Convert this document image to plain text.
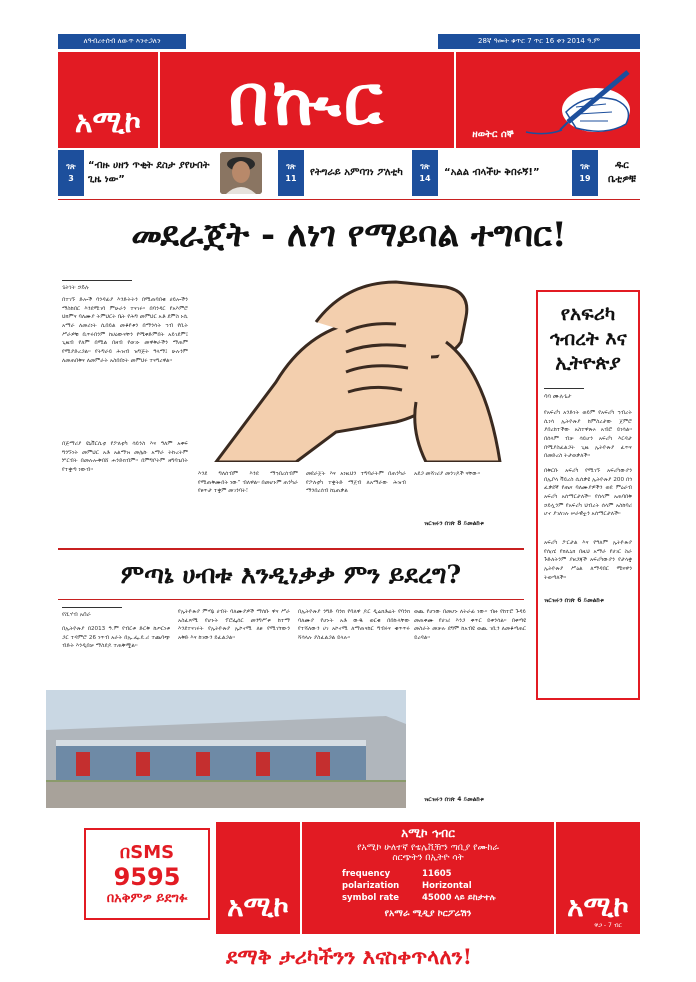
ለዓብረተሰብ ለውጥ እንተጋለን	28ኛ ዓመት ቁጥር 7 ጥር 16 ቀን 2014 ዓ.ም
አሚኮ በኲር	ዘወትር ሰኞ
ገጽ
3
“ብዙ ሀዘን ጥቂት ደስታ ያየሁበት ጊዜ ነው”
ገጽ
11
የትግራይ አምባገነ ፖለቲካ
ገጽ
14
“አልል ብላችሁ ቅበሩኝ!”
ገጽ
19
ዱር ቤቲዎቹ
መደራጀት - ለነገ የማይባል ተግባር!
ጌትነት ኃይሉ
በተገኙ ድሎች ባንዳፊያ እንድትትን በሚጠባበቁ ሀይሎችን ማስከበር እንደሚገባ ምሁራን ተናገሩ። በባንዳር የአእምሮ ህክምና ባለሙያ ትምህርት ቤት የሕግ መምህር አቶ ደምስ ኑሲ አማራ ለመሪነት ሲበይል መቆየቱን በማንሳት ኀብ የቢት ሥራዎቹ ቢጥሩበንም ከሀዕውናቸን የሚቀድምበት አይገደም፤ ጊዜብ የለም በሚል በዘብ የወገኑ መዋቅራችን ማጠም የሚያድረጋል። የትግራይ ሕዝብ ዝግጅት ዓላማ፤ ሁሉንም ለመጠበቅና ለመምራት አስበበነት መምህሩ ተናግረዋል።
በጅማሪያ ዩኒቨርሲቲ የፖለቲካ ሳይንስ እና ዓለም አቀፍ ግንኙነት መምህር አቶ አልማዝ መሌኩ አማራ ትኩረትም ሦርብት በመሉሎቅበሸ ሐንድክብም። በምግቦትም ዘግባጌበት የተቋጣ ነውብ።
እንደ ግለሰብም እንደ ማኅበረሰብም የሚጠቅሙበት ነው” ብለዋል። በመሆኑም ጠንካራ የፀጥታ ተቋም መገንባት፣
መደራጀት እና አነዚህን ተግባራትም በጠንካራ የፖለቲካ ተቋትድ ማጀብ ለአማራው ሕዝብ ማንበረሰብ ከኒጠቃል
አደጋ መሻገሪያ መንገዶች ናቸው።
ዝርዝሩን በገጽ 8 ይመልከቱ
የአፍሪካ ኅብረት እና ኢትዮጵያ
ሳባ ሙሉጌታ
የአፍሪካ አንድነት ወይም የአፍሪካ ኅብረት ሲነሳ ኢትዮጵያ ከምስረታው ጀምሮ ያበረከተችው አስተዋጽኦ አብሮ ይነሳል። በሰላም ብቻ ሳይሆን አፍሪካ እርዳታ በሚያስፈልጋት ጊዜ ኢትዮጵያ ፈጥና በመድረስ ትታወቃለች።
በቅርቡ አፍሪካ የሚገኙ አፍሪካውያን በኢቦላ ቫይረስ ሲሰቃዩ ኢትዮጵያ 200 በጎ ፈቃደኛ የጤና ባለሙያዎችን ወደ ምዕራብ አፍሪካ አሰማርታለች። የሰላም አጠባበቅ ኃይሏንም የአፍሪካ ህብረት ሰላም አስከባሪ ሆኖ ያገለገሉ ሠራዊቷን አሰማርታለች።
አፍሪካ ፖርታል እና የዓለም ኢትዮጵያ የሰዐሂ የክሊኒክ በዚህ አማራ የሀገር ስራ ጉድለትንም ያዘጋጃች አፍሪካውያን የታላቋ ኢትዮጵያ ሥዕል ለማዳበር ሚናዋን ትወጣለች።
ዝርዝሩን በገጽ 6 ይመልከቱ
ምጣኔ ሀብቱ እንዲነቃቃ ምን ይደረግ?
የሺሃብ አሰራ
በኢትዮጵያ በ2013 ዓ.ም የብርቱ ድርቅ ከጦርነቱ ጋር ተዳምሮ 26 ነጥብ አራት በኢ.ፌ.ዴ.ሪ ተጨባጭ ብድት እንዲበቻ ማስደዶ ተጠቅሟል።
የኢትዮጵያ ምጣኔ ሀብት ባለሙያዎች ማሰቡ ዋና ሥራ አስፈጻሚ የሆኑት ፕሮፌሰር መንግሥቱ ከተማ እንደተናገሩት የኢትዮጵያ ኢኮኖሚ ለፀ የሚገኘውን አቅድ እና ከገውን ይፈልጋል።
በኢትዮጵያ ንግድ ባንክ የባለዋ ዶር ዲሬክቶሬት የባንክ ባለሙያ የሆኑት አቶ ውዱ ወርቁ በበኩላቸው የተሻለውን ሀገ አኮኖሚ ለማጠናከር ግብሩና ቁጥጥሩ ሻሳላሉ ያስፈልጋል ይላሉ።
ወጪ የሆነው በመሆኑ ለትራፊ ነው። ብዙ የከተሮ ጉዳይ መጠቀሙ የሀገሪ እንጋ ቀጥር ይቀንሳል። በቀጣዩ መስራት መቻሉ ደግሞ ከአብዩ ወጪ ገቢን ለመቆጣጠር ይረዳል።
ዝርዝሩን በገጽ 4 ይመልከቱ
በSMS
9595
በአቅምዎ ይደግፉ	አሚኮ
አሚኮ ኅብር
የአሚኮ ሁለተኛ የቴሌቪዥን ጣቢያ የሙከራ
ስርጭትን በኢትዮ ሳት
frequency	11605
polarization	Horizontal
symbol rate	45000 ላይ ይከታተሉ
የአማራ ሚዲያ ኮርፖሬሽን	አሚኮ
ዋጋ - 7 ብር
ደማቅ ታሪካችንን እናስቀጥላለን!
